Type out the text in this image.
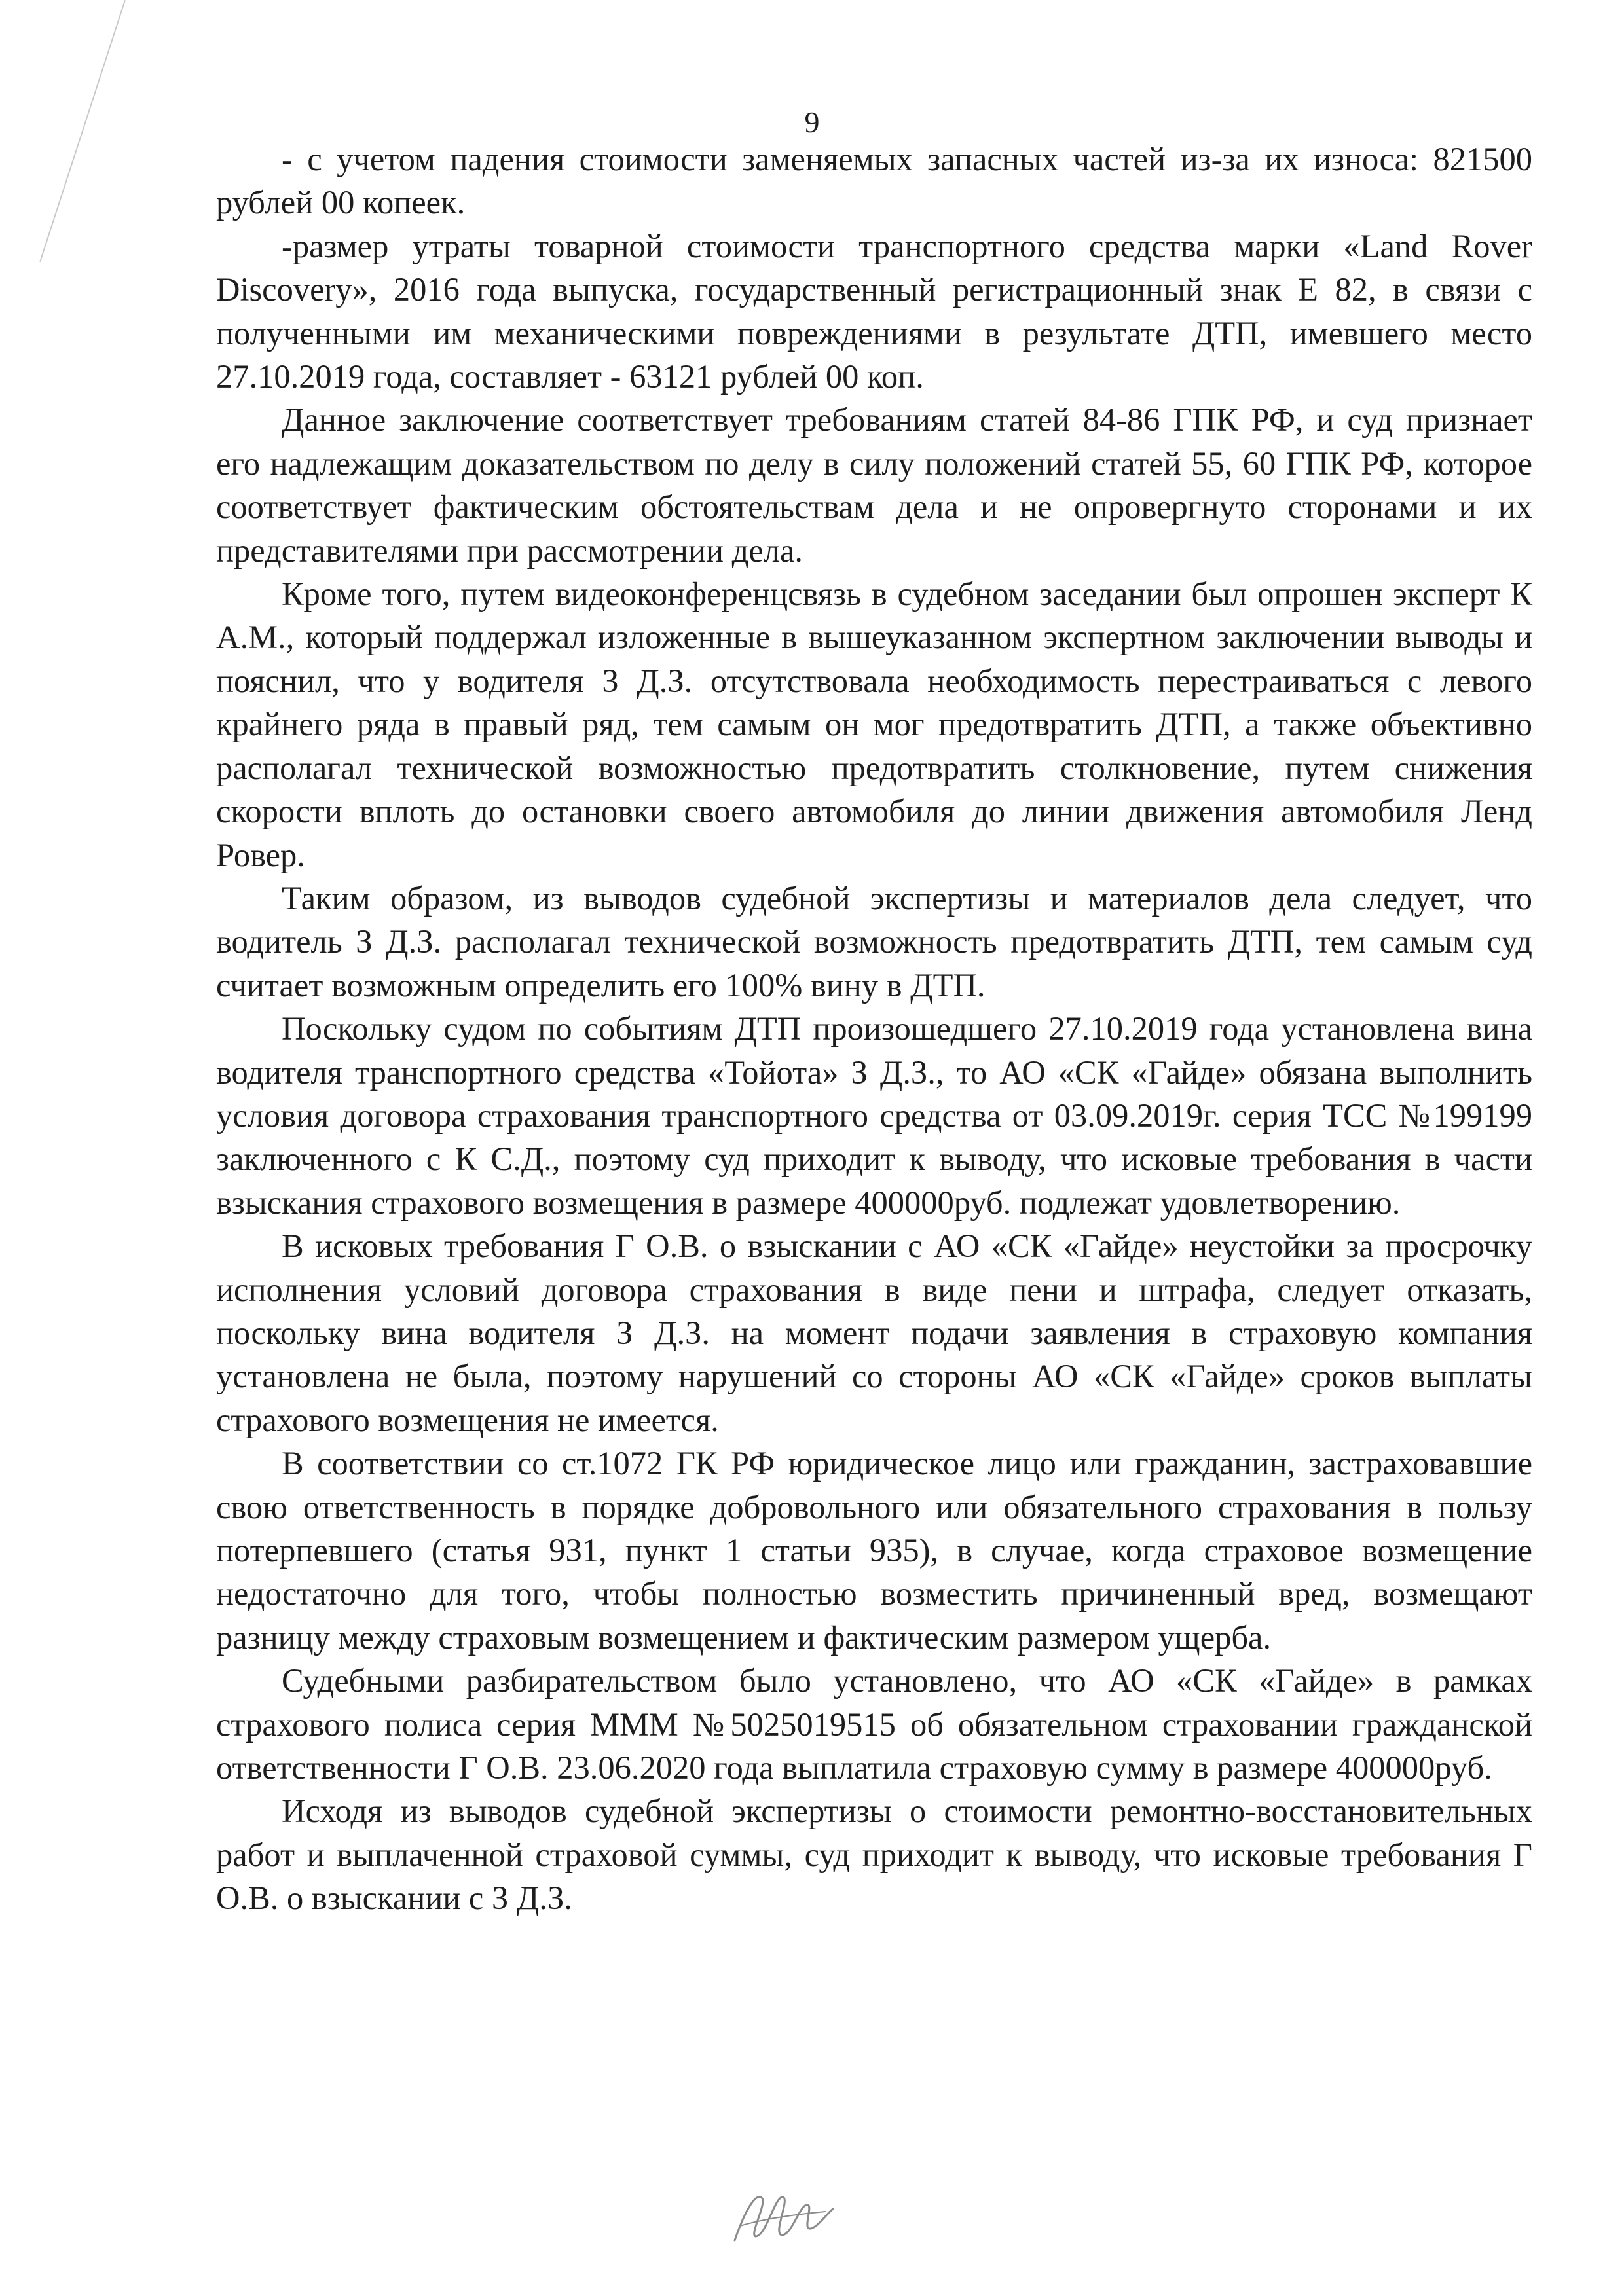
9

- с учетом падения стоимости заменяемых запасных частей из-за их износа: 821500 рублей 00 копеек.

-размер утраты товарной стоимости транспортного средства марки «Land Rover Discovery», 2016 года выпуска, государственный регистрационный знак Е 82, в связи с полученными им механическими повреждениями в результате ДТП, имевшего место 27.10.2019 года, составляет - 63121 рублей 00 коп.

Данное заключение соответствует требованиям статей 84-86 ГПК РФ, и суд признает его надлежащим доказательством по делу в силу положений статей 55, 60 ГПК РФ, которое соответствует фактическим обстоятельствам дела и не опровергнуто сторонами и их представителями при рассмотрении дела.

Кроме того, путем видеоконференцсвязь в судебном заседании был опрошен эксперт К А.М., который поддержал изложенные в вышеуказанном экспертном заключении выводы и пояснил, что у водителя З Д.З. отсутствовала необходимость перестраиваться с левого крайнего ряда в правый ряд, тем самым он мог предотвратить ДТП, а также объективно располагал технической возможностью предотвратить столкновение, путем снижения скорости вплоть до остановки своего автомобиля до линии движения автомобиля Ленд Ровер.

Таким образом, из выводов судебной экспертизы и материалов дела следует, что водитель З Д.З. располагал технической возможность предотвратить ДТП, тем самым суд считает возможным определить его 100% вину в ДТП.

Поскольку судом по событиям ДТП произошедшего 27.10.2019 года установлена вина водителя транспортного средства «Тойота» З Д.З., то АО «СК «Гайде» обязана выполнить условия договора страхования транспортного средства от 03.09.2019г. серия ТСС №199199 заключенного с К С.Д., поэтому суд приходит к выводу, что исковые требования в части взыскания страхового возмещения в размере 400000руб. подлежат удовлетворению.

В исковых требования Г О.В. о взыскании с АО «СК «Гайде» неустойки за просрочку исполнения условий договора страхования в виде пени и штрафа, следует отказать, поскольку вина водителя З Д.З. на момент подачи заявления в страховую компания установлена не была, поэтому нарушений со стороны АО «СК «Гайде» сроков выплаты страхового возмещения не имеется.

В соответствии со ст.1072 ГК РФ юридическое лицо или гражданин, застраховавшие свою ответственность в порядке добровольного или обязательного страхования в пользу потерпевшего (статья 931, пункт 1 статьи 935), в случае, когда страховое возмещение недостаточно для того, чтобы полностью возместить причиненный вред, возмещают разницу между страховым возмещением и фактическим размером ущерба.

Судебными разбирательством было установлено, что АО «СК «Гайде» в рамках страхового полиса серия МММ №5025019515 об обязательном страховании гражданской ответственности Г О.В. 23.06.2020 года выплатила страховую сумму в размере 400000руб.

Исходя из выводов судебной экспертизы о стоимости ремонтно-восстановительных работ и выплаченной страховой суммы, суд приходит к выводу, что исковые требования Г О.В. о взыскании с З Д.З.
